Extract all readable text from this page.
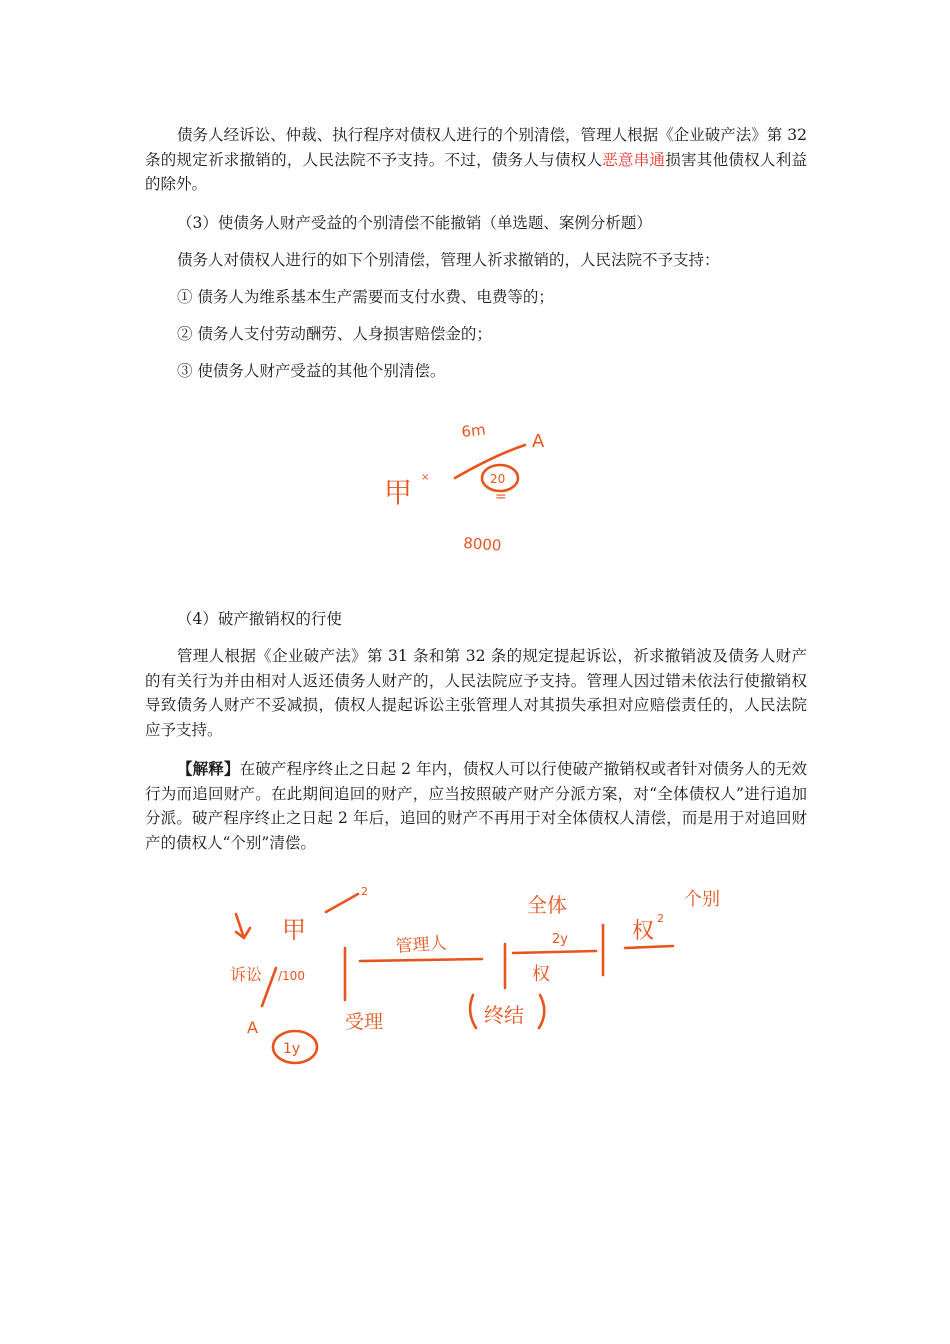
债务人经诉讼、仲裁、执行程序对债权人进行的个别清偿，管理人根据《企业破产法》第 32 条的规定祈求撤销的，人民法院不予支持。不过，债务人与债权人恶意串通损害其他债权人利益的除外。

（3）使债务人财产受益的个别清偿不能撤销（单选题、案例分析题）

债务人对债权人进行的如下个别清偿，管理人祈求撤销的，人民法院不予支持：

① 债务人为维系基本生产需要而支付水费、电费等的；

② 债务人支付劳动酬劳、人身损害赔偿金的；

③ 使债务人财产受益的其他个别清偿。

6m
A
甲 ×	20
=
8000

（4）破产撤销权的行使

管理人根据《企业破产法》第 31 条和第 32 条的规定提起诉讼，祈求撤销波及债务人财产的有关行为并由相对人返还债务人财产的，人民法院应予支持。管理人因过错未依法行使撤销权导致债务人财产不妥减损，债权人提起诉讼主张管理人对其损失承担对应赔偿责任的，人民法院应予支持。

【解释】在破产程序终止之日起 2 年内，债权人可以行使破产撤销权或者针对债务人的无效行为而追回财产。在此期间追回的财产，应当按照破产财产分派方案，对“全体债权人”进行追加分派。破产程序终止之日起 2 年后，追回的财产不再用于对全体债权人清偿，而是用于对追回财产的债权人“个别”清偿。

甲
2
管理人
全体
2y	权
2
个别
诉讼 /100
A
1y
受理
权
终结
